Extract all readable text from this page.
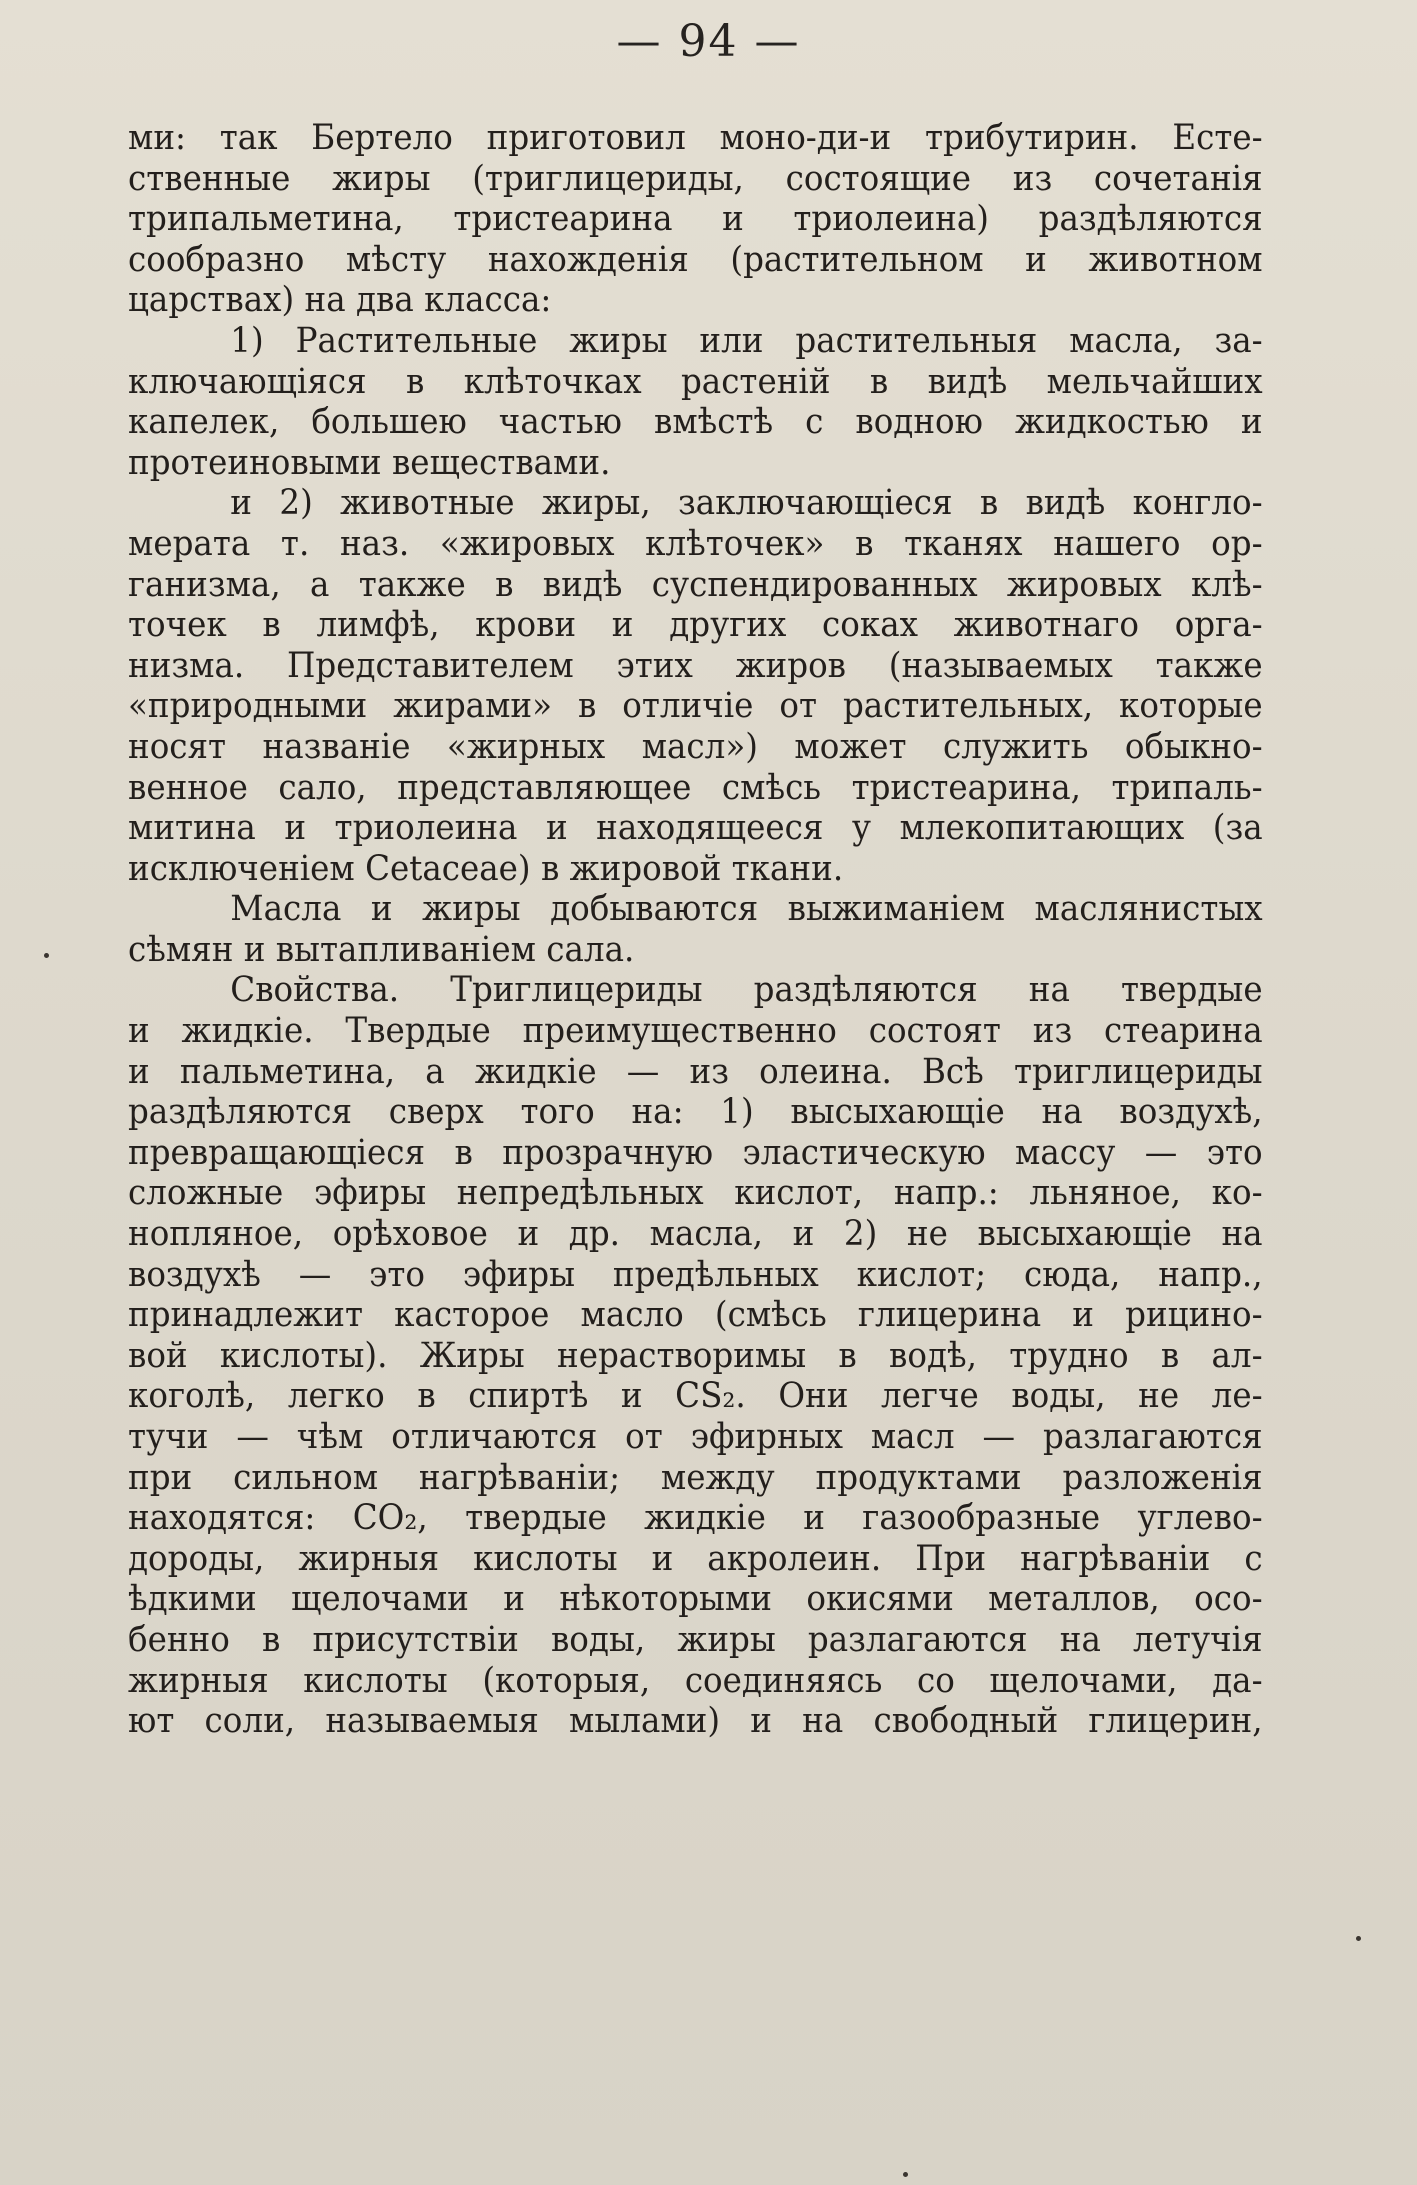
— 94 —
ми: так Бертело приготовил моно-ди-и трибутирин. Есте-
ственные жиры (триглицериды, состоящие из сочетанія
трипальметина, тристеарина и триолеина) раздѣляются
сообразно мѣсту нахожденія (растительном и животном
царствах) на два класса:
1) Растительные жиры или растительныя масла, за-
ключающіяся в клѣточках растеній в видѣ мельчайших
капелек, большею частью вмѣстѣ с водною жидкостью и
протеиновыми веществами.
и 2) животные жиры, заключающіеся в видѣ конгло-
мерата т. наз. «жировых клѣточек» в тканях нашего ор-
ганизма, а также в видѣ суспендированных жировых клѣ-
точек в лимфѣ, крови и других соках животнаго орга-
низма. Представителем этих жиров (называемых также
«природными жирами» в отличіе от растительных, которые
носят названіе «жирных масл») может служить обыкно-
венное сало, представляющее смѣсь тристеарина, трипаль-
митина и триолеина и находящееся у млекопитающих (за
исключеніем Cetaceae) в жировой ткани.
Масла и жиры добываются выжиманіем маслянистых
сѣмян и вытапливаніем сала.
Свойства. Триглицериды раздѣляются на твердые
и жидкіе. Твердые преимущественно состоят из стеарина
и пальметина, а жидкіе — из олеина. Всѣ триглицериды
раздѣляются сверх того на: 1) высыхающіе на воздухѣ,
превращающіеся в прозрачную эластическую массу — это
сложные эфиры непредѣльных кислот, напр.: льняное, ко-
нопляное, орѣховое и др. масла, и 2) не высыхающіе на
воздухѣ — это эфиры предѣльных кислот; сюда, напр.,
принадлежит касторое масло (смѣсь глицерина и рицино-
вой кислоты). Жиры нерастворимы в водѣ, трудно в ал-
коголѣ, легко в спиртѣ и CS₂. Они легче воды, не ле-
тучи — чѣм отличаются от эфирных масл — разлагаются
при сильном нагрѣваніи; между продуктами разложенія
находятся: CO₂, твердые жидкіе и газообразные углево-
дороды, жирныя кислоты и акролеин. При нагрѣваніи с
ѣдкими щелочами и нѣкоторыми окисями металлов, осо-
бенно в присутствіи воды, жиры разлагаются на летучія
жирныя кислоты (которыя, соединяясь со щелочами, да-
ют соли, называемыя мылами) и на свободный глицерин,
